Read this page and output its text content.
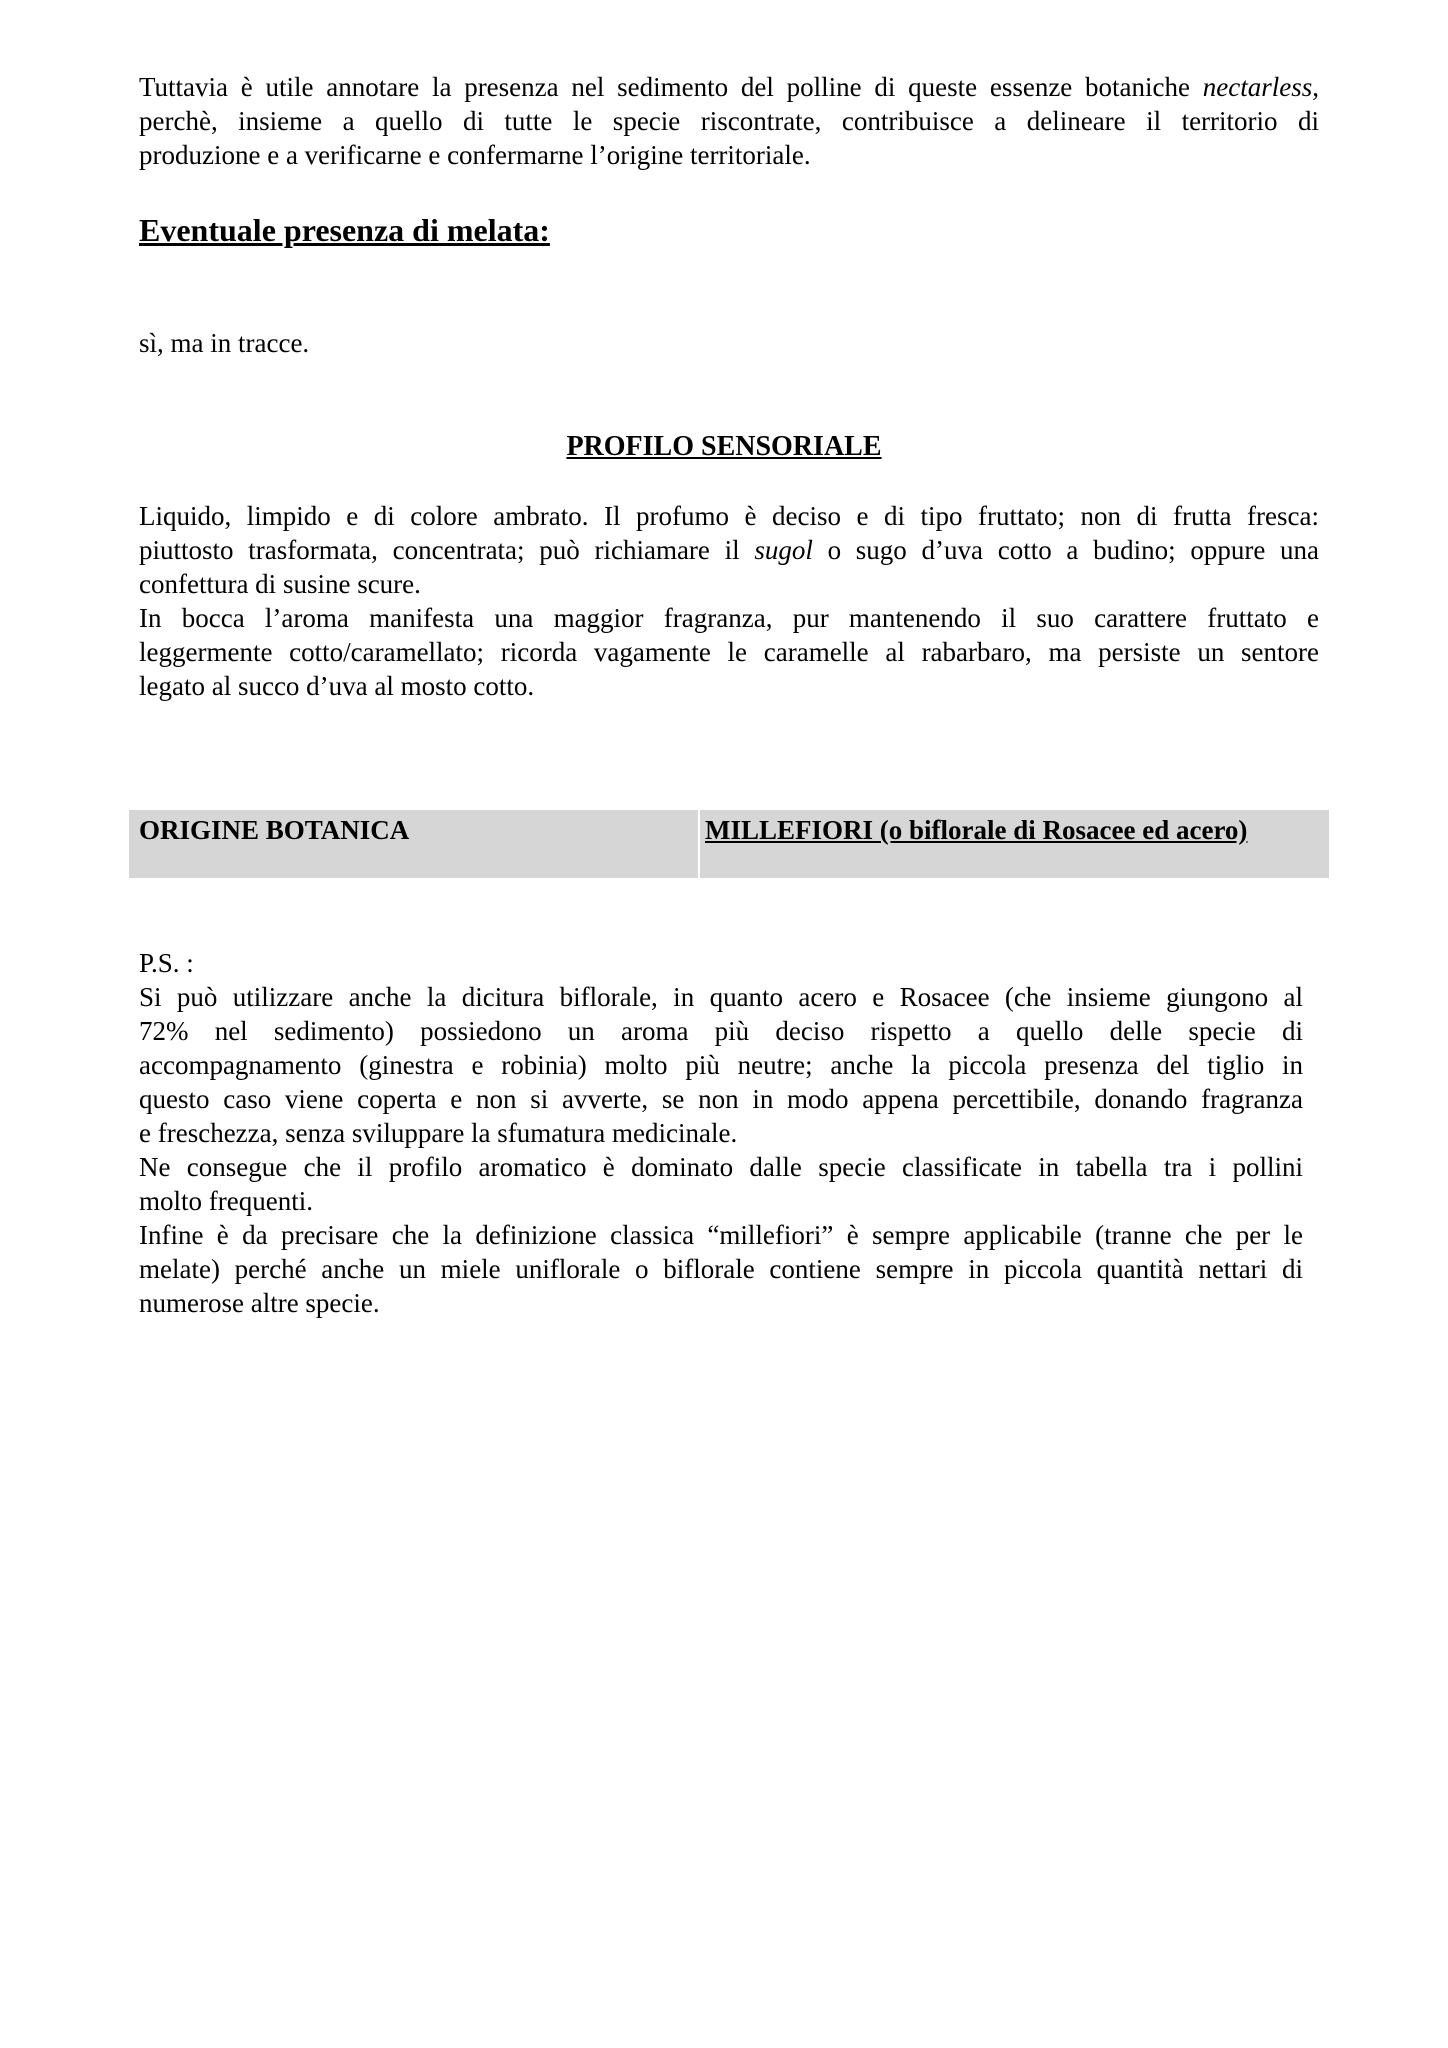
Tuttavia è utile annotare la presenza nel sedimento del polline di queste essenze botaniche nectarless,
perchè, insieme a quello di tutte le specie riscontrate, contribuisce a delineare il territorio di
produzione e a verificarne e confermarne l’origine territoriale.

Eventuale presenza di melata:

sì, ma in tracce.

PROFILO SENSORIALE

Liquido, limpido e di colore ambrato. Il profumo è deciso e di tipo fruttato; non di frutta fresca:
piuttosto trasformata, concentrata; può richiamare il sugol o sugo d’uva cotto a budino; oppure una
confettura di susine scure.
In bocca l’aroma manifesta una maggior fragranza, pur mantenendo il suo carattere fruttato e
leggermente cotto/caramellato; ricorda vagamente le caramelle al rabarbaro, ma persiste un sentore
legato al succo d’uva al mosto cotto.

ORIGINE BOTANICA	MILLEFIORI (o biflorale di Rosacee ed acero)

P.S. :

Si può utilizzare anche la dicitura biflorale, in quanto acero e Rosacee (che insieme giungono al
72% nel sedimento) possiedono un aroma più deciso rispetto a quello delle specie di
accompagnamento (ginestra e robinia) molto più neutre; anche la piccola presenza del tiglio in
questo caso viene coperta e non si avverte, se non in modo appena percettibile, donando fragranza
e freschezza, senza sviluppare la sfumatura medicinale.
Ne consegue che il profilo aromatico è dominato dalle specie classificate in tabella tra i pollini
molto frequenti.
Infine è da precisare che la definizione classica “millefiori” è sempre applicabile (tranne che per le
melate) perché anche un miele uniflorale o biflorale contiene sempre in piccola quantità nettari di
numerose altre specie.
